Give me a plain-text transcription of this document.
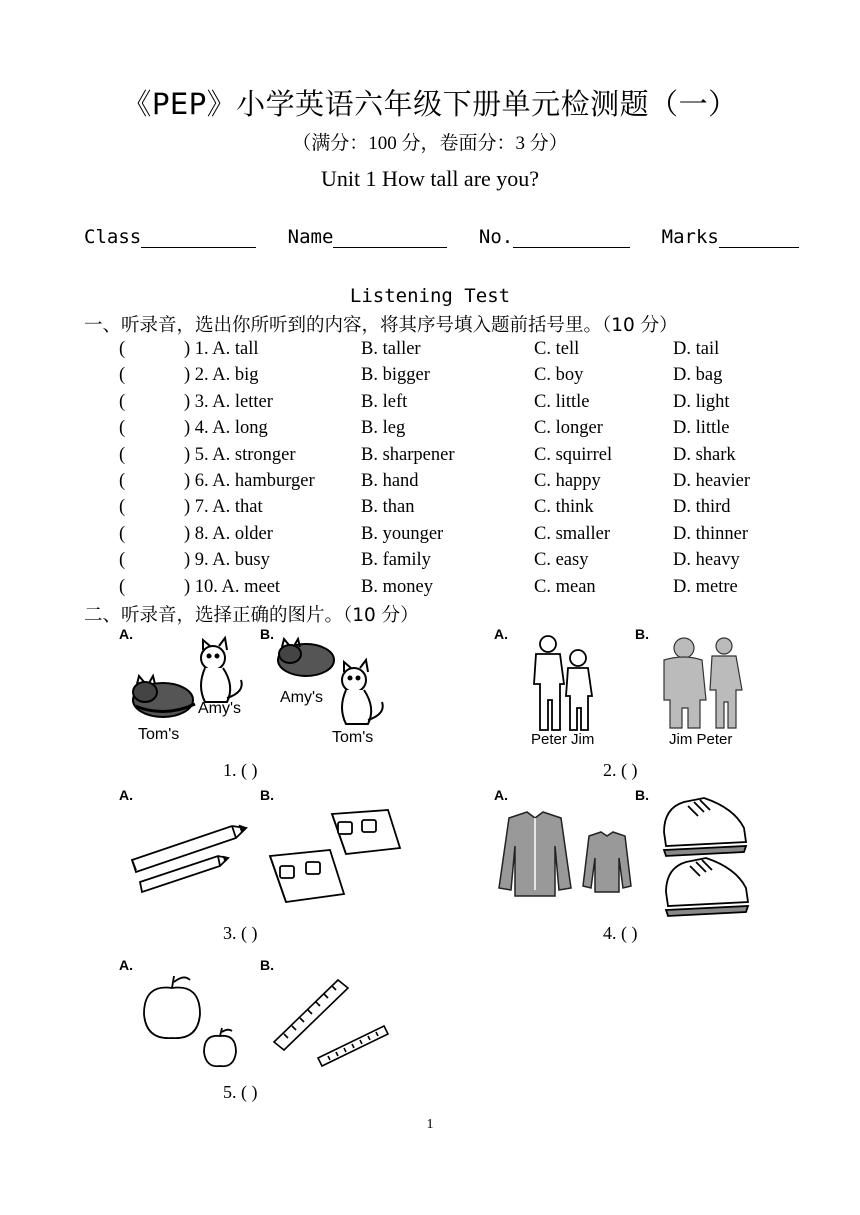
《PEP》小学英语六年级下册单元检测题（一）
（满分：100 分，卷面分：3 分）
Unit 1 How tall are you?
Class	Name	No.	Marks
Listening Test
一、听录音，选出你所听到的内容，将其序号填入题前括号里。（10 分）
(	) 1. A. tall	B. taller	C. tell	D. tail
(	) 2. A. big	B. bigger	C. boy	D. bag
(	) 3. A. letter	B. left	C. little	D. light
(	) 4. A. long	B. leg	C. longer	D. little
(	) 5. A. stronger	B. sharpener	C. squirrel	D. shark
(	) 6. A. hamburger	B. hand	C. happy	D. heavier
(	) 7. A. that	B. than	C. think	D. third
(	) 8. A. older	B. younger	C. smaller	D. thinner
(	) 9. A. busy	B. family	C. easy	D. heavy
(	) 10. A. meet	B. money	C. mean	D. metre
二、听录音，选择正确的图片。（10 分）
A.	B.	A.	B.
A.	B.	A.	B.
A.	B.
Amy's
Tom's
Amy's
Tom's	Peter Jim	Jim Peter
1. ( )	2. ( )
3. ( )	4. ( )
5. ( )
1
